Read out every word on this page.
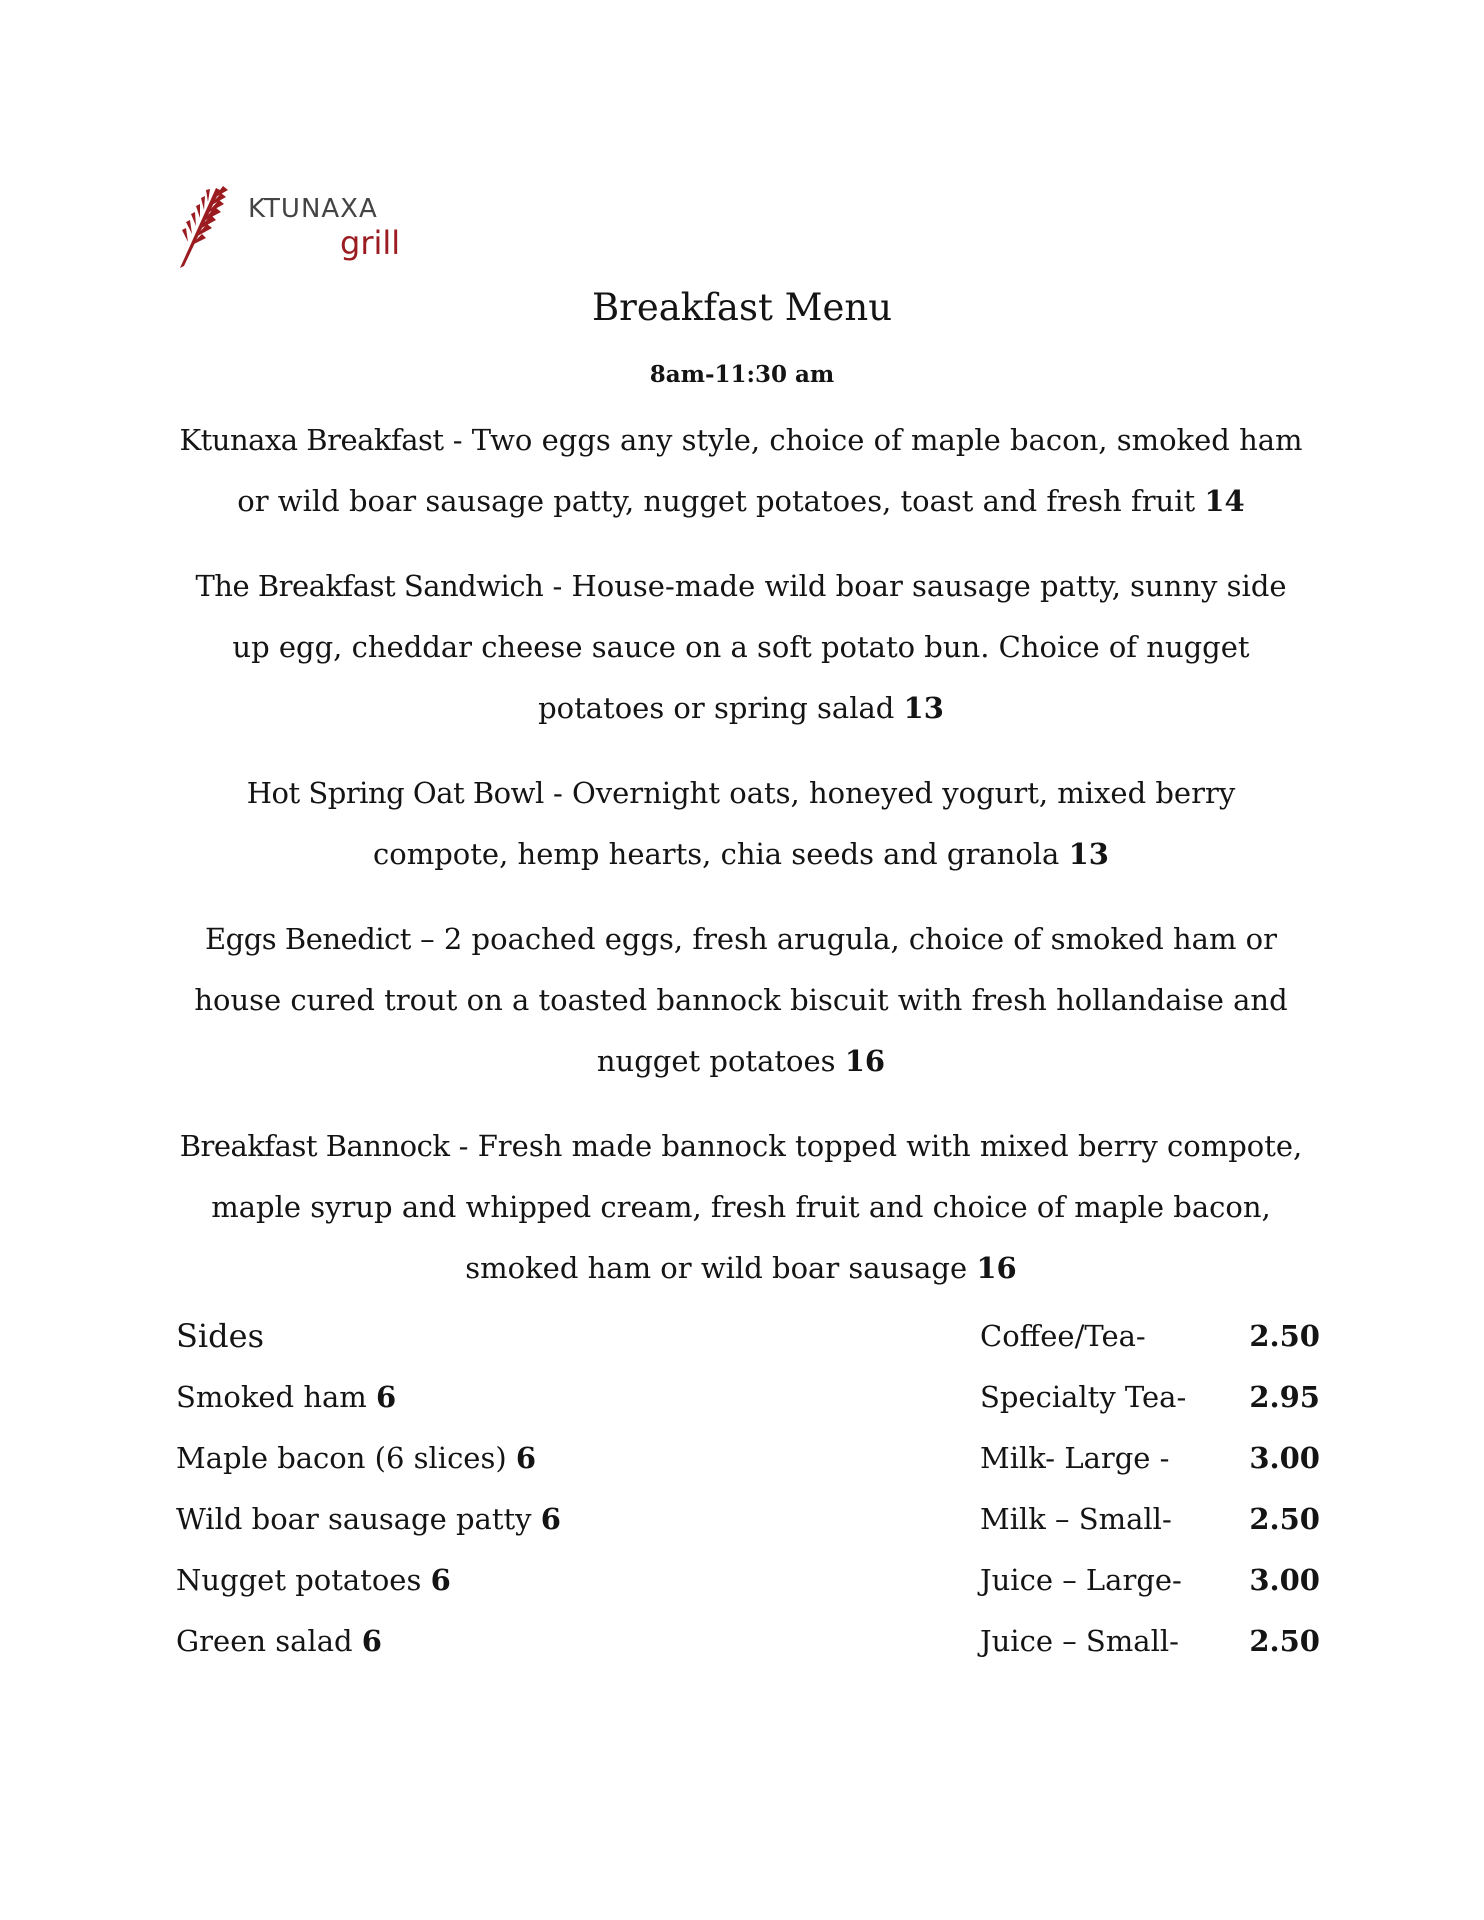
KTUNAXA
grill
Breakfast Menu
8am-11:30 am

Ktunaxa Breakfast - Two eggs any style, choice of maple bacon, smoked ham or wild boar sausage patty, nugget potatoes, toast and fresh fruit 14

The Breakfast Sandwich - House-made wild boar sausage patty, sunny side up egg, cheddar cheese sauce on a soft potato bun. Choice of nugget potatoes or spring salad 13

Hot Spring Oat Bowl - Overnight oats, honeyed yogurt, mixed berry compote, hemp hearts, chia seeds and granola 13

Eggs Benedict – 2 poached eggs, fresh arugula, choice of smoked ham or house cured trout on a toasted bannock biscuit with fresh hollandaise and nugget potatoes 16

Breakfast Bannock - Fresh made bannock topped with mixed berry compote, maple syrup and whipped cream, fresh fruit and choice of maple bacon, smoked ham or wild boar sausage 16

Sides
Smoked ham 6
Maple bacon (6 slices) 6
Wild boar sausage patty 6
Nugget potatoes 6
Green salad 6
Coffee/Tea-	2.50
Specialty Tea- 2.95
Milk- Large -	3.00
Milk – Small-	2.50
Juice – Large- 3.00
Juice – Small- 2.50
